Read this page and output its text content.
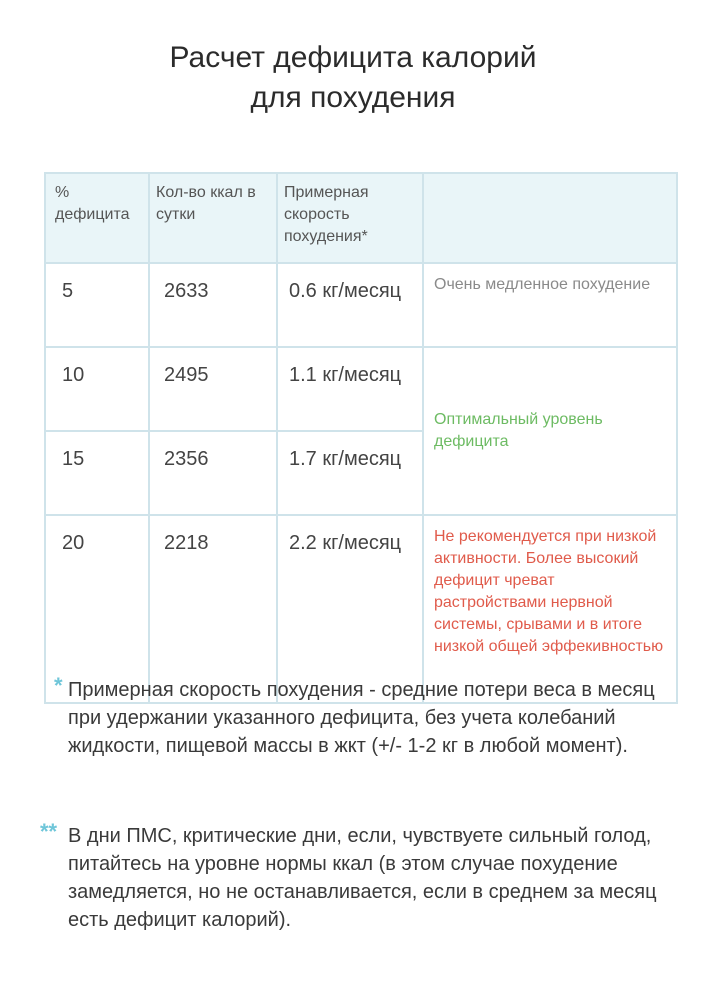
Расчет дефицита калорий
для похудения
% дефицита	Кол-во ккал в сутки	Примерная скорость похудения*	
5	2633	0.6 кг/месяц	Очень медленное похудение
10	2495	1.1 кг/месяц	Оптимальный уровень дефицита
15	2356	1.7 кг/месяц	
20	2218	2.2 кг/месяц	Не рекомендуется при низкой активности. Более высокий дефицит чреват растройствами нервной системы, срывами и в итоге низкой общей эффекивностью
* Примерная скорость похудения - средние потери веса в месяц при удержании указанного дефицита, без учета колебаний жидкости, пищевой массы в жкт (+/- 1-2 кг в любой момент).
** В дни ПМС, критические дни, если, чувствуете сильный голод, питайтесь на уровне нормы ккал (в этом случае похудение замедляется, но не останавливается, если в среднем за месяц есть дефицит калорий).
